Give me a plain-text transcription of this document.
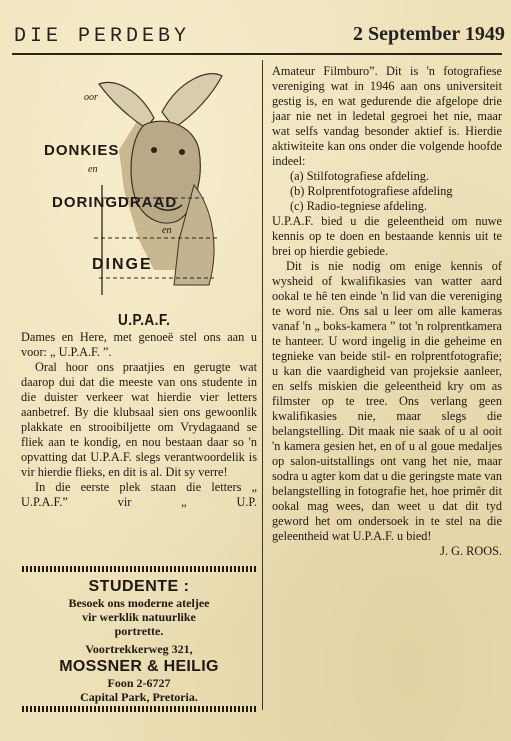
DIE PERDEBY	2 September 1949
oor
DONKIES
en
DORINGDRAAD
en
DINGE
U.P.A.F.

Dames en Here, met genoeë stel ons aan u voor: „ U.P.A.F. ”.

Oral hoor ons praatjies en gerugte wat daarop dui dat die meeste van ons studente in die duister verkeer wat hierdie vier letters aanbetref. By die klubsaal sien ons gewoonlik plakkate en strooibiljette om Vrydagaand se fliek aan te kondig, en nou bestaan daar so 'n opvatting dat U.P.A.F. slegs verantwoordelik is vir hierdie flieks, en dit is al. Dit sy verre!

In die eerste plek staan die letters „ U.P.A.F.” vir „ U.P.

STUDENTE :
Besoek ons moderne ateljee
vir werklik natuurlike
portrette.
Voortrekkerweg 321,
MOSSNER & HEILIG
Foon 2-6727
Capital Park, Pretoria.

Amateur Filmburo”. Dit is 'n fotografiese vereniging wat in 1946 aan ons universiteit gestig is, en wat gedurende die afgelope drie jaar nie net in ledetal gegroei het nie, maar wat selfs vandag besonder aktief is. Hierdie aktiwiteite kan ons onder die volgende hoofde indeel:

(a) Stilfotografiese afdeling.
(b) Rolprentfotografiese afdeling
(c) Radio-tegniese afdeling.

U.P.A.F. bied u die geleentheid om nuwe kennis op te doen en bestaande kennis uit te brei op hierdie gebiede.

Dit is nie nodig om enige kennis of wysheid of kwalifikasies van watter aard ookal te hê ten einde 'n lid van die vereniging te word nie. Ons sal u leer om alle kameras vanaf 'n „ boks-kamera ” tot 'n rolprentkamera te hanteer. U word ingelig in die geheime en tegnieke van beide stil- en rolprentfotografie; u kan die vaardigheid van projeksie aanleer, en selfs miskien die geleentheid kry om as filmster op te tree. Ons verlang geen kwalifikasies nie, maar slegs die belangstelling. Dit maak nie saak of u al ooit 'n kamera gesien het, en of u al goue medaljes op salon-uitstallings ont vang het nie, maar sodra u agter kom dat u die geringste mate van belangstelling in fotografie het, hoe primêr dit ookal mag wees, dan weet u dat dit tyd geword het om ondersoek in te stel na die geleentheid wat U.P.A.F. u bied!

J. G. ROOS.
